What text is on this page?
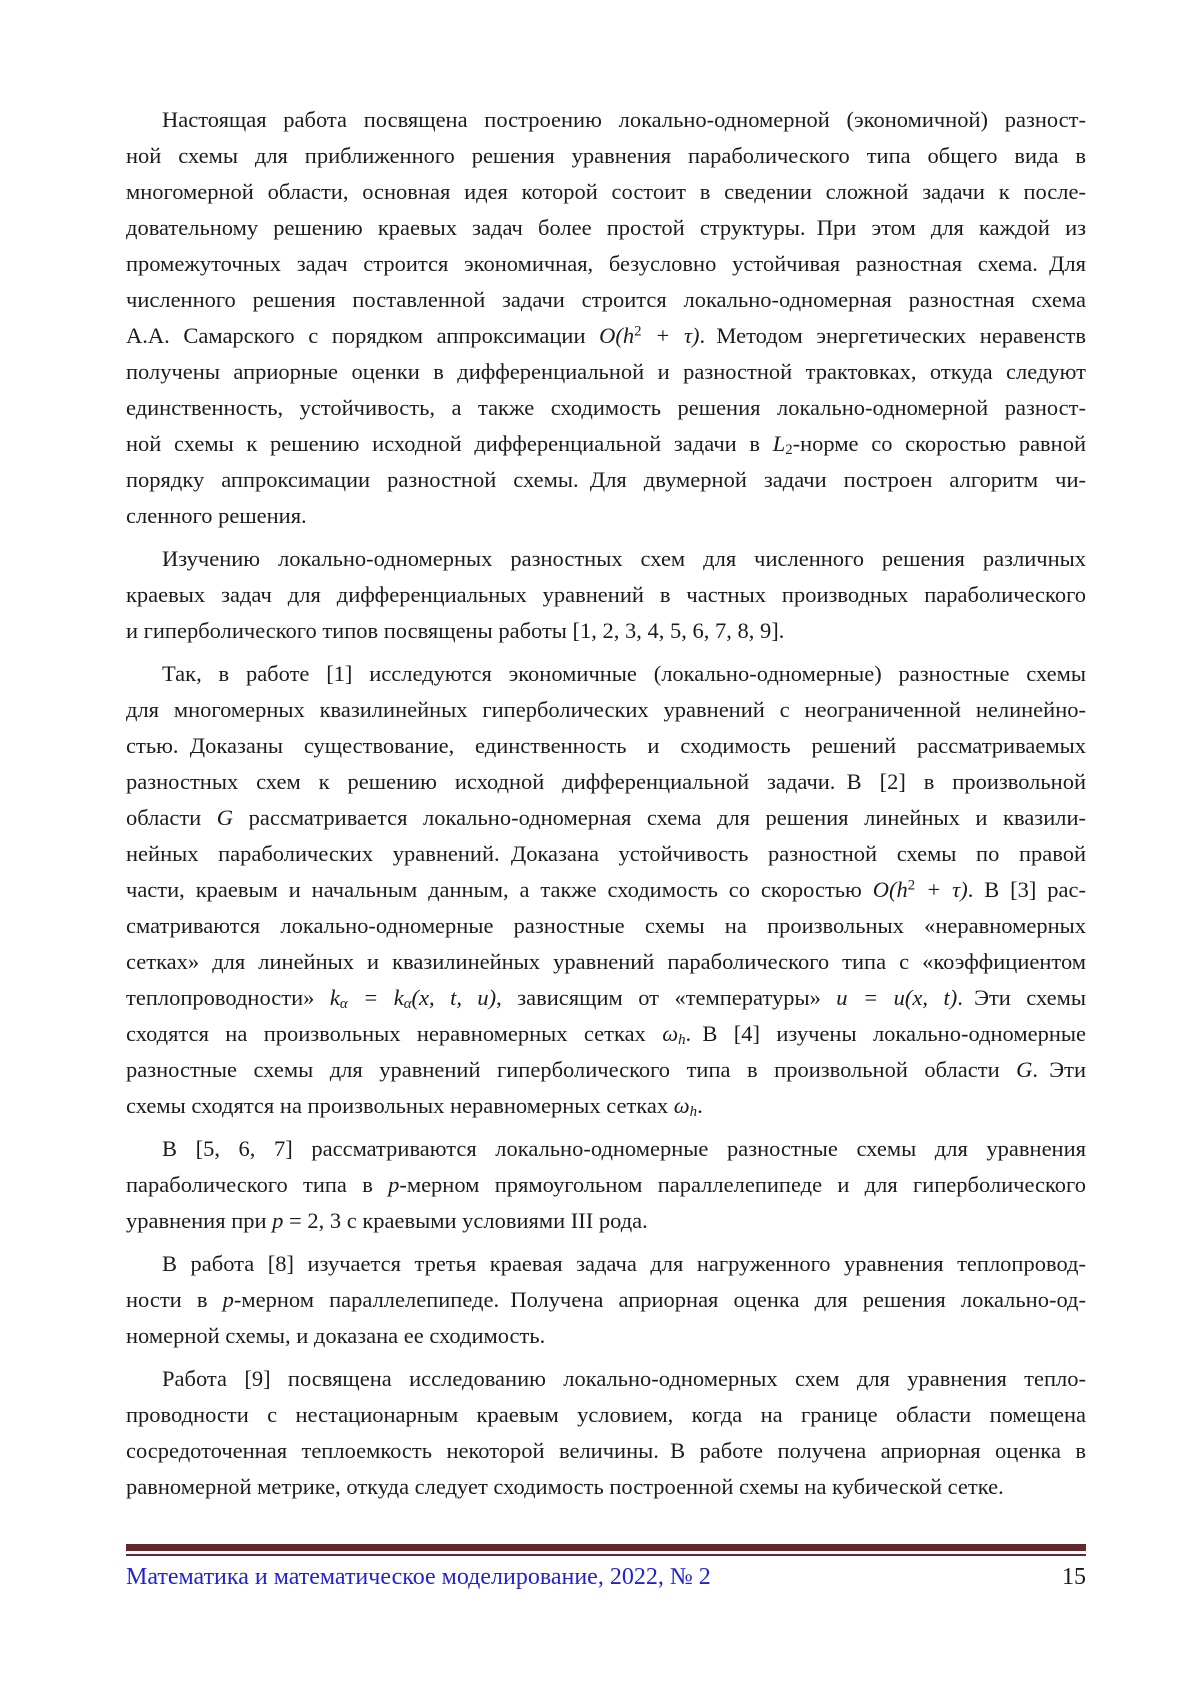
Настоящая работа посвящена построению локально-одномерной (экономичной) разност-
ной схемы для приближенного решения уравнения параболического типа общего вида в
многомерной области, основная идея которой состоит в сведении сложной задачи к после-
довательному решению краевых задач более простой структуры. При этом для каждой из
промежуточных задач строится экономичная, безусловно устойчивая разностная схема. Для
численного решения поставленной задачи строится локально-одномерная разностная схема
А.А. Самарского с порядком аппроксимации $O(h^2 + \tau)$. Методом энергетических неравенств
получены априорные оценки в дифференциальной и разностной трактовках, откуда следуют
единственность, устойчивость, а также сходимость решения локально-одномерной разност-
ной схемы к решению исходной дифференциальной задачи в L2-норме со скоростью равной
порядку аппроксимации разностной схемы. Для двумерной задачи построен алгоритм чи-
сленного решения.
Изучению локально-одномерных разностных схем для численного решения различных
краевых задач для дифференциальных уравнений в частных производных параболического
и гиперболического типов посвящены работы [1, 2, 3, 4, 5, 6, 7, 8, 9].
Так, в работе [1] исследуются экономичные (локально-одномерные) разностные схемы
для многомерных квазилинейных гиперболических уравнений с неограниченной нелинейно-
стью. Доказаны существование, единственность и сходимость решений рассматриваемых
разностных схем к решению исходной дифференциальной задачи. В [2] в произвольной
области G рассматривается локально-одномерная схема для решения линейных и квазили-
нейных параболических уравнений. Доказана устойчивость разностной схемы по правой
части, краевым и начальным данным, а также сходимость со скоростью $O(h^2 + \tau)$. В [3] рас-
сматриваются локально-одномерные разностные схемы на произвольных «неравномерных
сетках» для линейных и квазилинейных уравнений параболического типа с «коэффициентом
теплопроводности» kα = kα(x, t, u), зависящим от «температуры» u = u(x, t). Эти схемы
сходятся на произвольных неравномерных сетках ωh. В [4] изучены локально-одномерные
разностные схемы для уравнений гиперболического типа в произвольной области G. Эти
схемы сходятся на произвольных неравномерных сетках ωh.
В [5, 6, 7] рассматриваются локально-одномерные разностные схемы для уравнения
параболического типа в p-мерном прямоугольном параллелепипеде и для гиперболического
уравнения при p = 2, 3 с краевыми условиями III рода.
В работа [8] изучается третья краевая задача для нагруженного уравнения теплопровод-
ности в p-мерном параллелепипеде. Получена априорная оценка для решения локально-од-
номерной схемы, и доказана ее сходимость.
Работа [9] посвящена исследованию локально-одномерных схем для уравнения тепло-
проводности с нестационарным краевым условием, когда на границе области помещена
сосредоточенная теплоемкость некоторой величины. В работе получена априорная оценка в
равномерной метрике, откуда следует сходимость построенной схемы на кубической сетке.
Математика и математическое моделирование, 2022, № 2	15
